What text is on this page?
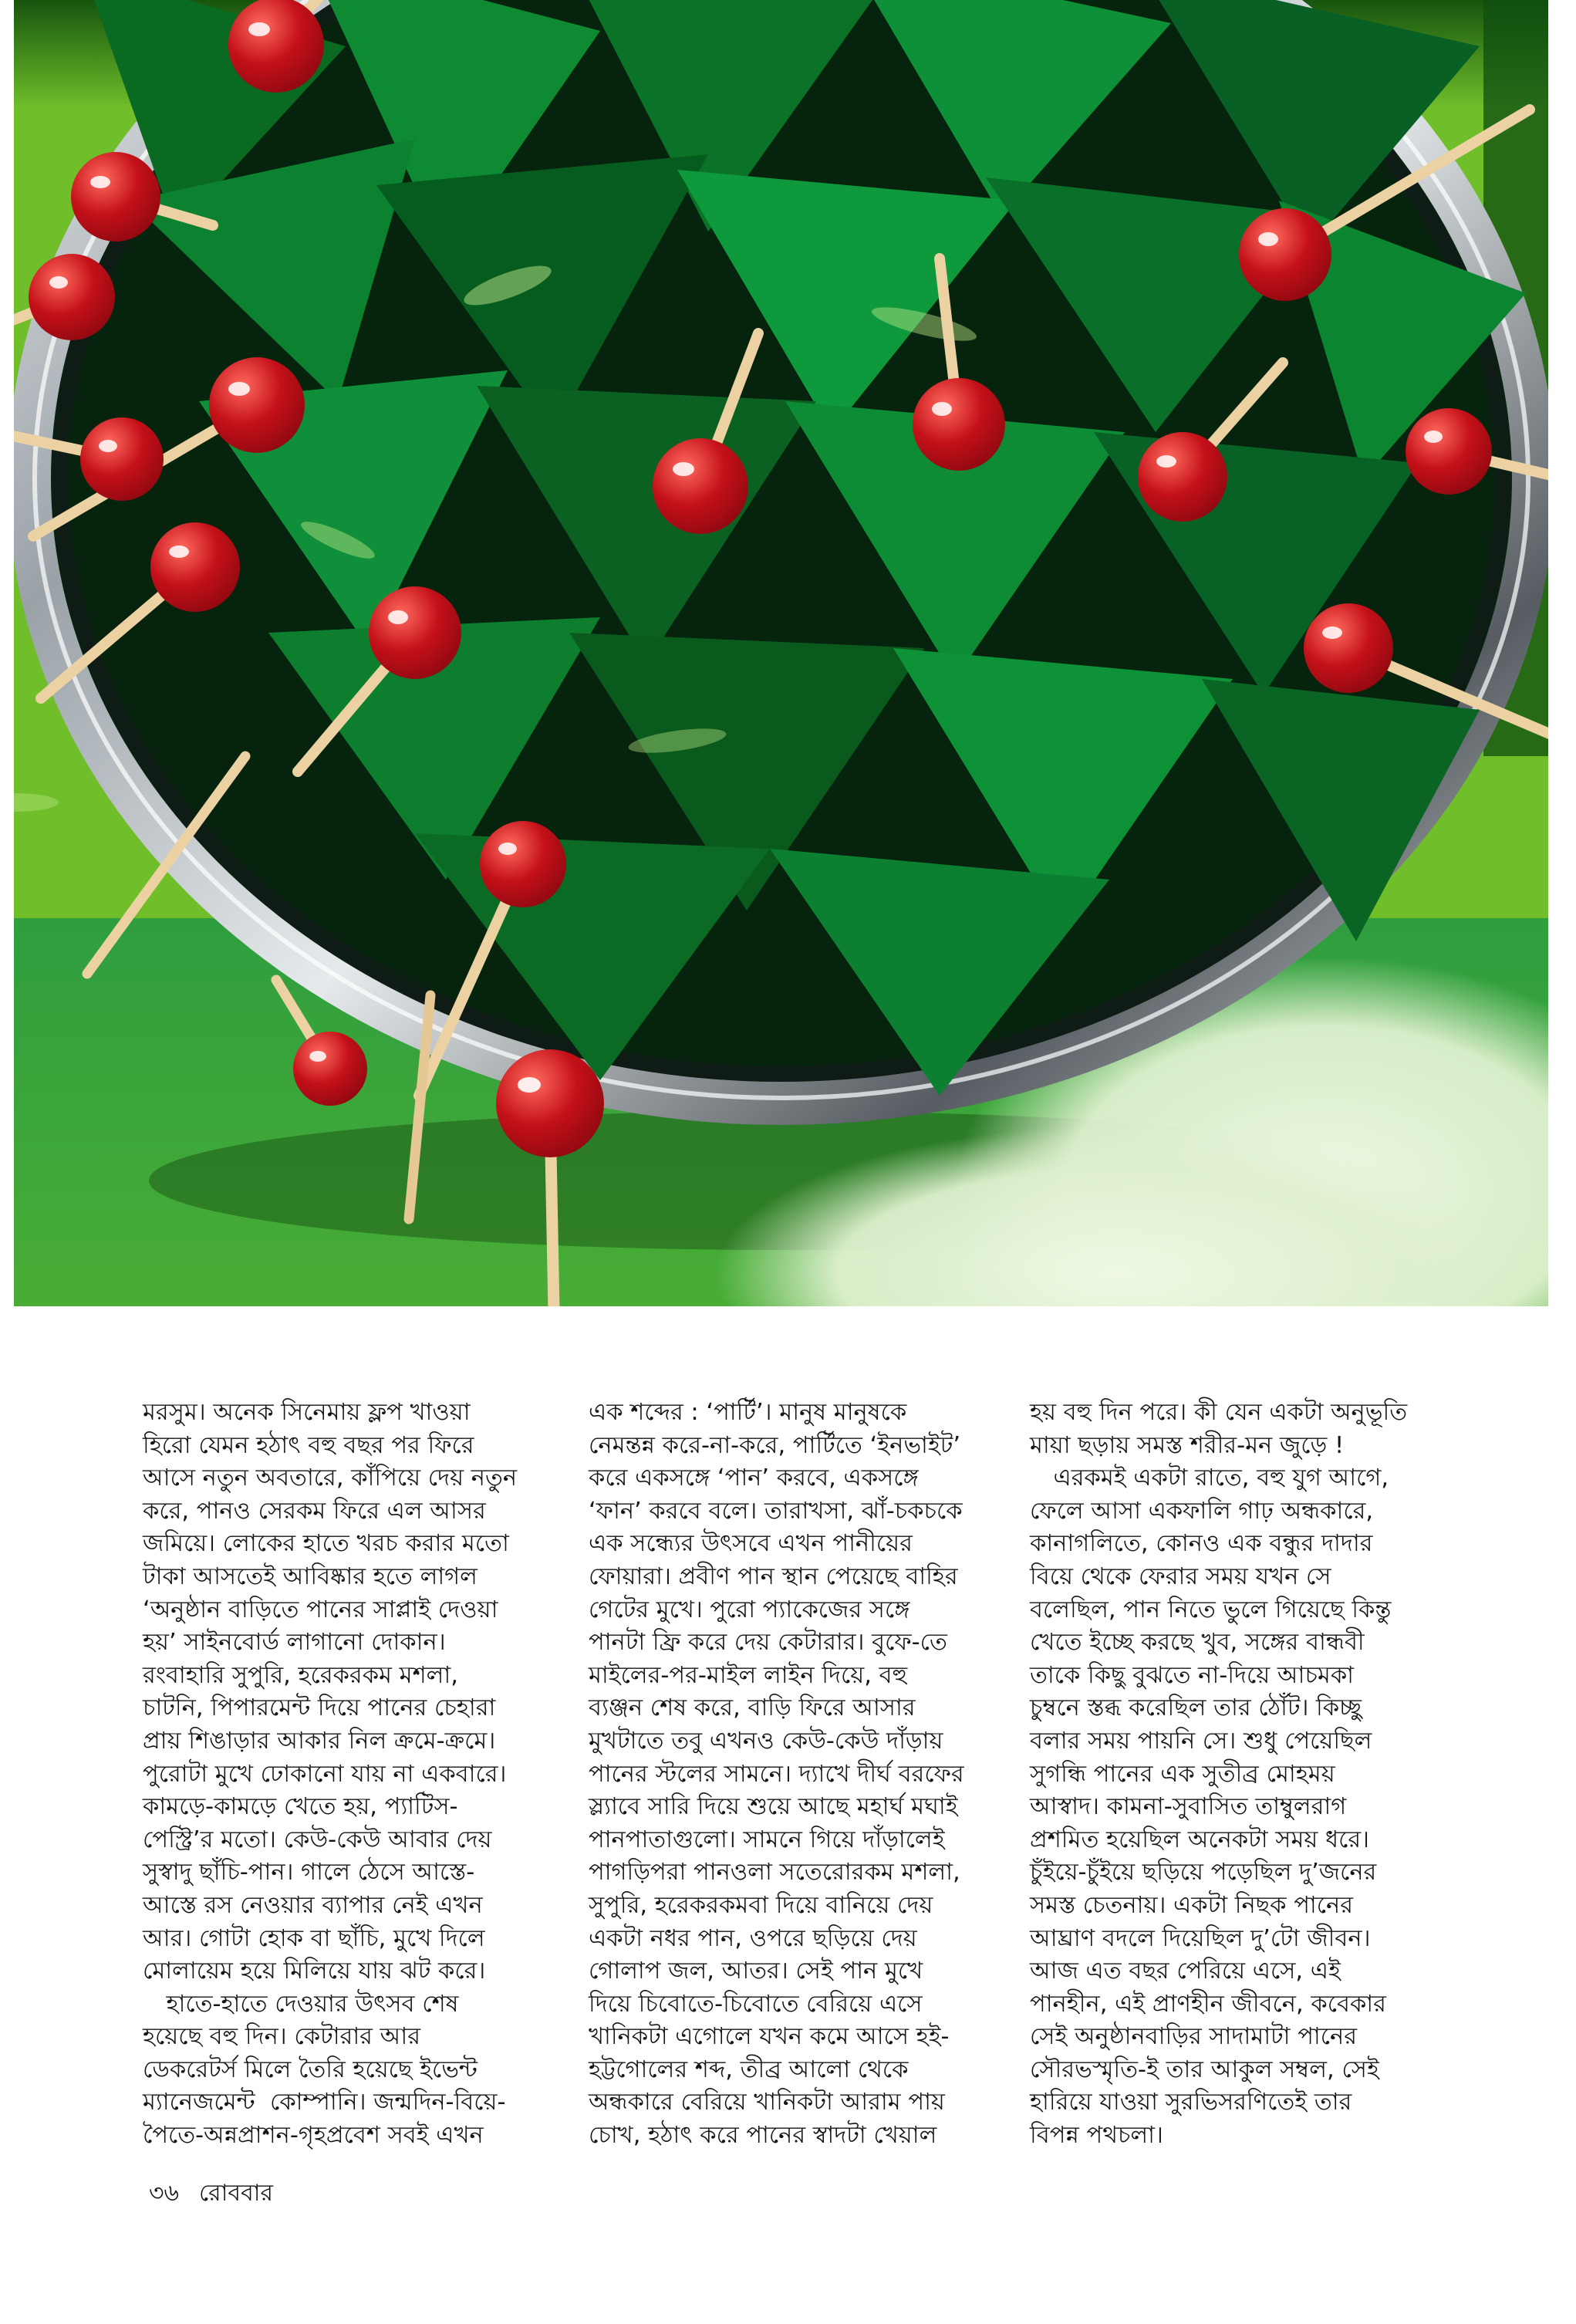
মরসুম। অনেক সিনেমায় ফ্লপ খাওয়া
হিরো যেমন হঠাৎ বহু বছর পর ফিরে
আসে নতুন অবতারে, কাঁপিয়ে দেয় নতুন
করে, পানও সেরকম ফিরে এল আসর
জমিয়ে। লোকের হাতে খরচ করার মতো
টাকা আসতেই আবিষ্কার হতে লাগল
‘অনুষ্ঠান বাড়িতে পানের সাপ্লাই দেওয়া
হয়’ সাইনবোর্ড লাগানো দোকান।
রংবাহারি সুপুরি, হরেকরকম মশলা,
চাটনি, পিপারমেন্ট দিয়ে পানের চেহারা
প্রায় শিঙাড়ার আকার নিল ক্রমে-ক্রমে।
পুরোটা মুখে ঢোকানো যায় না একবারে।
কামড়ে-কামড়ে খেতে হয়, প্যাটিস-
পেস্ট্রি’র মতো। কেউ-কেউ আবার দেয়
সুস্বাদু ছাঁচি-পান। গালে ঠেসে আস্তে-
আস্তে রস নেওয়ার ব্যাপার নেই এখন
আর। গোটা হোক বা ছাঁচি, মুখে দিলে
মোলায়েম হয়ে মিলিয়ে যায় ঝট করে।
 হাতে-হাতে দেওয়ার উৎসব শেষ
হয়েছে বহু দিন। কেটারার আর
ডেকরেটর্স মিলে তৈরি হয়েছে ইভেন্ট
ম্যানেজমেন্ট  কোম্পানি। জন্মদিন-বিয়ে-
পৈতে-অন্নপ্রাশন-গৃহপ্রবেশ সবই এখন
এক শব্দের : ‘পার্টি’। মানুষ মানুষকে
নেমন্তন্ন করে-না-করে, পার্টিতে ‘ইনভাইট’
করে একসঙ্গে ‘পান’ করবে, একসঙ্গে
‘ফান’ করবে বলে। তারাখসা, ঝাঁ-চকচকে
এক সন্ধ্যের উৎসবে এখন পানীয়ের
ফোয়ারা। প্রবীণ পান স্থান পেয়েছে বাহির
গেটের মুখে। পুরো প্যাকেজের সঙ্গে
পানটা ফ্রি করে দেয় কেটারার। বুফে-তে
মাইলের-পর-মাইল লাইন দিয়ে, বহু
ব্যঞ্জন শেষ করে, বাড়ি ফিরে আসার
মুখটাতে তবু এখনও কেউ-কেউ দাঁড়ায়
পানের স্টলের সামনে। দ্যাখে দীর্ঘ বরফের
স্ল্যাবে সারি দিয়ে শুয়ে আছে মহার্ঘ মঘাই
পানপাতাগুলো। সামনে গিয়ে দাঁড়ালেই
পাগড়িপরা পানওলা সতেরোরকম মশলা,
সুপুরি, হরেকরকমবা দিয়ে বানিয়ে দেয়
একটা নধর পান, ওপরে ছড়িয়ে দেয়
গোলাপ জল, আতর। সেই পান মুখে
দিয়ে চিবোতে-চিবোতে বেরিয়ে এসে
খানিকটা এগোলে যখন কমে আসে হই-
হট্টগোলের শব্দ, তীব্র আলো থেকে
অন্ধকারে বেরিয়ে খানিকটা আরাম পায়
চোখ, হঠাৎ করে পানের স্বাদটা খেয়াল
হয় বহু দিন পরে। কী যেন একটা অনুভূতি
মায়া ছড়ায় সমস্ত শরীর-মন জুড়ে !
 এরকমই একটা রাতে, বহু যুগ আগে,
ফেলে আসা একফালি গাঢ় অন্ধকারে,
কানাগলিতে, কোনও এক বন্ধুর দাদার
বিয়ে থেকে ফেরার সময় যখন সে
বলেছিল, পান নিতে ভুলে গিয়েছে কিন্তু
খেতে ইচ্ছে করছে খুব, সঙ্গের বান্ধবী
তাকে কিছু বুঝতে না-দিয়ে আচমকা
চুম্বনে স্তব্ধ করেছিল তার ঠোঁট। কিচ্ছু
বলার সময় পায়নি সে। শুধু পেয়েছিল
সুগন্ধি পানের এক সুতীব্র মোহময়
আস্বাদ। কামনা-সুবাসিত তাম্বুলরাগ
প্রশমিত হয়েছিল অনেকটা সময় ধরে।
চুঁইয়ে-চুঁইয়ে ছড়িয়ে পড়েছিল দু’জনের
সমস্ত চেতনায়। একটা নিছক পানের
আঘ্রাণ বদলে দিয়েছিল দু’টো জীবন।
আজ এত বছর পেরিয়ে এসে, এই
পানহীন, এই প্রাণহীন জীবনে, কবেকার
সেই অনুষ্ঠানবাড়ির সাদামাটা পানের
সৌরভস্মৃতি-ই তার আকুল সম্বল, সেই
হারিয়ে যাওয়া সুরভিসরণিতেই তার
বিপন্ন পথচলা।
৩৬ রোববার
